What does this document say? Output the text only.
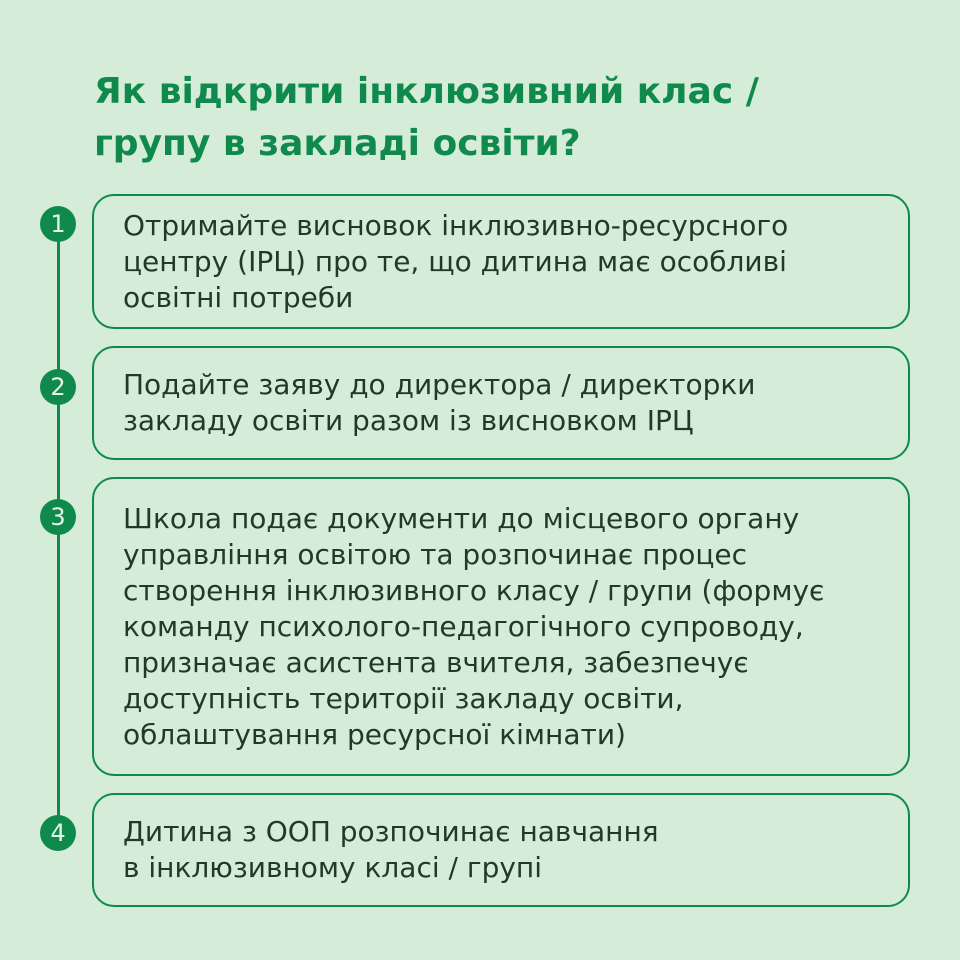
Як відкрити інклюзивний клас /
групу в закладі освіти?
1	Отримайте висновок інклюзивно-ресурсного
центру (ІРЦ) про те, що дитина має особливі
освітні потреби
2	Подайте заяву до директора / директорки
закладу освіти разом із висновком ІРЦ
3	Школа подає документи до місцевого органу
управління освітою та розпочинає процес
створення інклюзивного класу / групи (формує
команду психолого-педагогічного супроводу,
призначає асистента вчителя, забезпечує
доступність території закладу освіти,
облаштування ресурсної кімнати)
4	Дитина з ООП розпочинає навчання
в інклюзивному класі / групі
